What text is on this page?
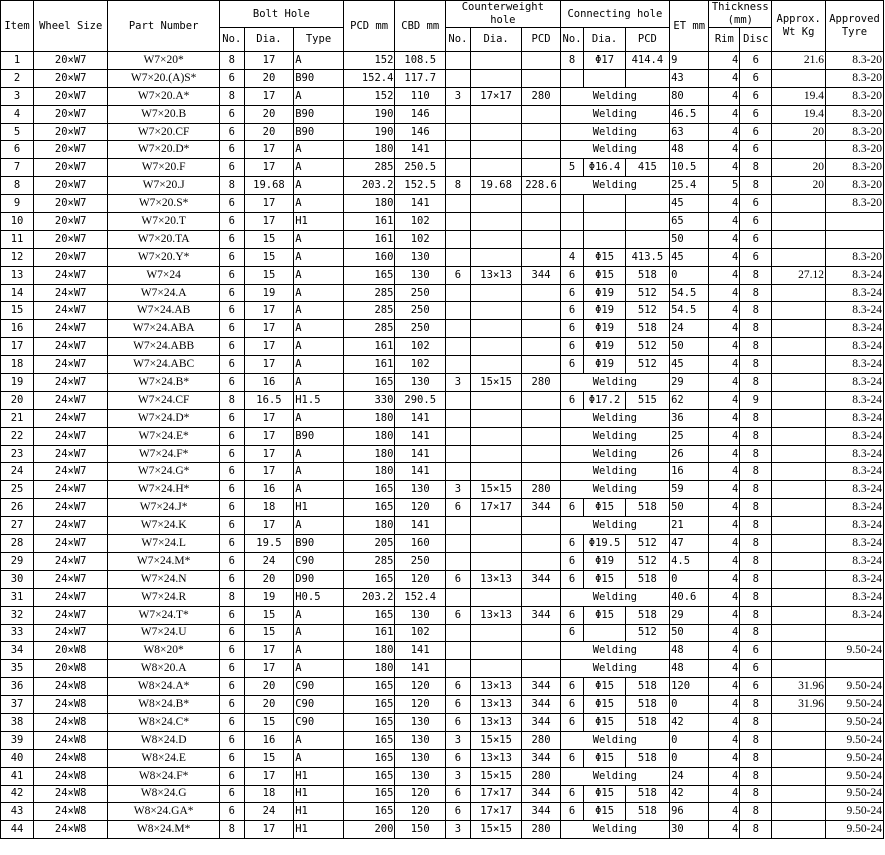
Item	Wheel Size	Part Number	Bolt Hole			PCD mm	CBD mm	Counterweight hole			Connecting hole			ET mm	Thickness (mm)		Approx. Wt Kg	Approved Tyre
			No.	Dia.	Type			No.	Dia.	PCD	No.	Dia.	PCD		Rim	Disc		
1	20×W7	W7×20*	8	17	A	152	108.5				8	Φ17	414.4	9	4	6	21.6	8.3-20
2	20×W7	W7×20.(A)S*	6	20	B90	152.4	117.7							43	4	6		8.3-20
3	20×W7	W7×20.A*	8	17	A	152	110	3	17×17	280	Welding			80	4	6	19.4	8.3-20
4	20×W7	W7×20.B	6	20	B90	190	146				Welding			46.5	4	6	19.4	8.3-20
5	20×W7	W7×20.CF	6	20	B90	190	146				Welding			63	4	6	20	8.3-20
6	20×W7	W7×20.D*	6	17	A	180	141				Welding			48	4	6		8.3-20
7	20×W7	W7×20.F	6	17	A	285	250.5				5	Φ16.4	415	10.5	4	8	20	8.3-20
8	20×W7	W7×20.J	8	19.68	A	203.2	152.5	8	19.68	228.6	Welding			25.4	5	8	20	8.3-20
9	20×W7	W7×20.S*	6	17	A	180	141							45	4	6		8.3-20
10	20×W7	W7×20.T	6	17	H1	161	102							65	4	6		
11	20×W7	W7×20.TA	6	15	A	161	102							50	4	6		
12	20×W7	W7×20.Y*	6	15	A	160	130				4	Φ15	413.5	45	4	6		8.3-20
13	24×W7	W7×24	6	15	A	165	130	6	13×13	344	6	Φ15	518	0	4	8	27.12	8.3-24
14	24×W7	W7×24.A	6	19	A	285	250				6	Φ19	512	54.5	4	8		8.3-24
15	24×W7	W7×24.AB	6	17	A	285	250				6	Φ19	512	54.5	4	8		8.3-24
16	24×W7	W7×24.ABA	6	17	A	285	250				6	Φ19	518	24	4	8		8.3-24
17	24×W7	W7×24.ABB	6	17	A	161	102				6	Φ19	512	50	4	8		8.3-24
18	24×W7	W7×24.ABC	6	17	A	161	102				6	Φ19	512	45	4	8		8.3-24
19	24×W7	W7×24.B*	6	16	A	165	130	3	15×15	280	Welding			29	4	8		8.3-24
20	24×W7	W7×24.CF	8	16.5	H1.5	330	290.5				6	Φ17.2	515	62	4	9		8.3-24
21	24×W7	W7×24.D*	6	17	A	180	141				Welding			36	4	8		8.3-24
22	24×W7	W7×24.E*	6	17	B90	180	141				Welding			25	4	8		8.3-24
23	24×W7	W7×24.F*	6	17	A	180	141				Welding			26	4	8		8.3-24
24	24×W7	W7×24.G*	6	17	A	180	141				Welding			16	4	8		8.3-24
25	24×W7	W7×24.H*	6	16	A	165	130	3	15×15	280	Welding			59	4	8		8.3-24
26	24×W7	W7×24.J*	6	18	H1	165	120	6	17×17	344	6	Φ15	518	50	4	8		8.3-24
27	24×W7	W7×24.K	6	17	A	180	141				Welding			21	4	8		8.3-24
28	24×W7	W7×24.L	6	19.5	B90	205	160				6	Φ19.5	512	47	4	8		8.3-24
29	24×W7	W7×24.M*	6	24	C90	285	250				6	Φ19	512	4.5	4	8		8.3-24
30	24×W7	W7×24.N	6	20	D90	165	120	6	13×13	344	6	Φ15	518	0	4	8		8.3-24
31	24×W7	W7×24.R	8	19	H0.5	203.2	152.4				Welding			40.6	4	8		8.3-24
32	24×W7	W7×24.T*	6	15	A	165	130	6	13×13	344	6	Φ15	518	29	4	8		8.3-24
33	24×W7	W7×24.U	6	15	A	161	102				6		512	50	4	8		
34	20×W8	W8×20*	6	17	A	180	141				Welding			48	4	6		9.50-24
35	20×W8	W8×20.A	6	17	A	180	141				Welding			48	4	6		
36	24×W8	W8×24.A*	6	20	C90	165	120	6	13×13	344	6	Φ15	518	120	4	6	31.96	9.50-24
37	24×W8	W8×24.B*	6	20	C90	165	120	6	13×13	344	6	Φ15	518	0	4	8	31.96	9.50-24
38	24×W8	W8×24.C*	6	15	C90	165	130	6	13×13	344	6	Φ15	518	42	4	8		9.50-24
39	24×W8	W8×24.D	6	16	A	165	130	3	15×15	280	Welding			0	4	8		9.50-24
40	24×W8	W8×24.E	6	15	A	165	130	6	13×13	344	6	Φ15	518	0	4	8		9.50-24
41	24×W8	W8×24.F*	6	17	H1	165	130	3	15×15	280	Welding			24	4	8		9.50-24
42	24×W8	W8×24.G	6	18	H1	165	120	6	17×17	344	6	Φ15	518	42	4	8		9.50-24
43	24×W8	W8×24.GA*	6	24	H1	165	120	6	17×17	344	6	Φ15	518	96	4	8		9.50-24
44	24×W8	W8×24.M*	8	17	H1	200	150	3	15×15	280	Welding			30	4	8		9.50-24
